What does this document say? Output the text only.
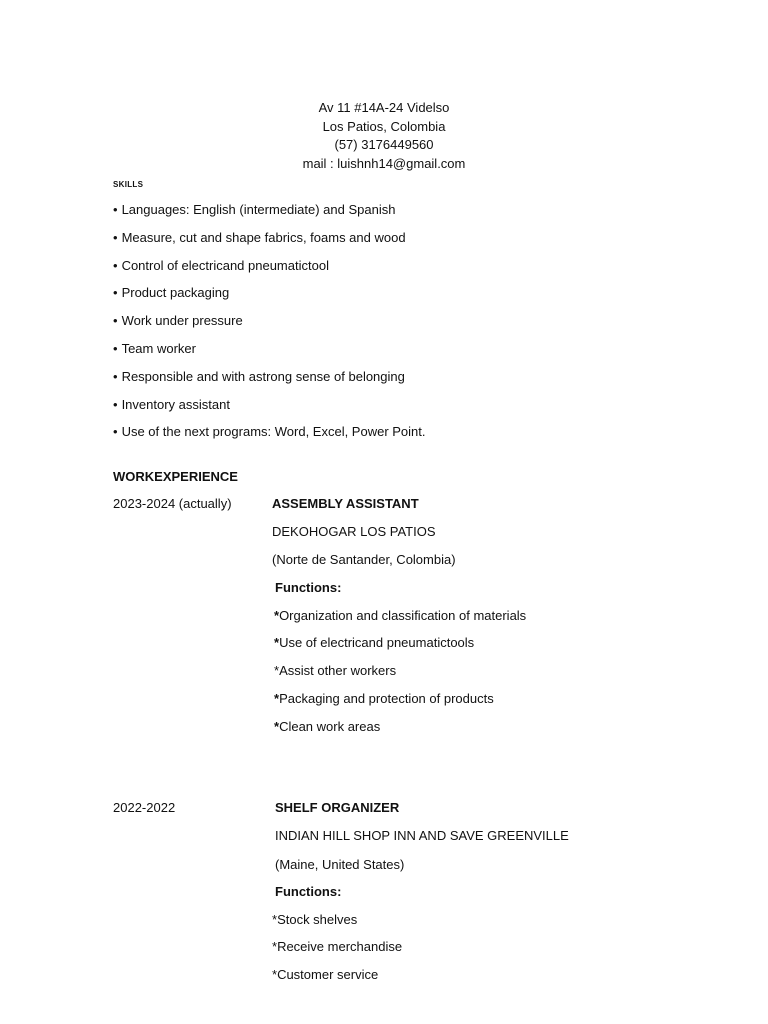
Av 11 #14A-24 Videlso
Los Patios, Colombia
(57) 3176449560
mail : luishnh14@gmail.com
SKILLS
• Languages: English (intermediate) and Spanish
• Measure, cut and shape fabrics, foams and wood
• Control of electricand pneumatictool
• Product packaging
• Work under pressure
• Team worker
• Responsible and with astrong sense of belonging
• Inventory assistant
• Use of the next programs: Word, Excel, Power Point.
WORKEXPERIENCE
2023-2024 (actually)	ASSEMBLY ASSISTANT
DEKOHOGAR LOS PATIOS
(Norte de Santander, Colombia)
Functions:
*Organization and classification of materials
*Use of electricand pneumatictools
*Assist other workers
*Packaging and protection of products
*Clean work areas
2022-2022	SHELF ORGANIZER
INDIAN HILL SHOP INN AND SAVE GREENVILLE
(Maine, United States)
Functions:
*Stock shelves
*Receive merchandise
*Customer service
